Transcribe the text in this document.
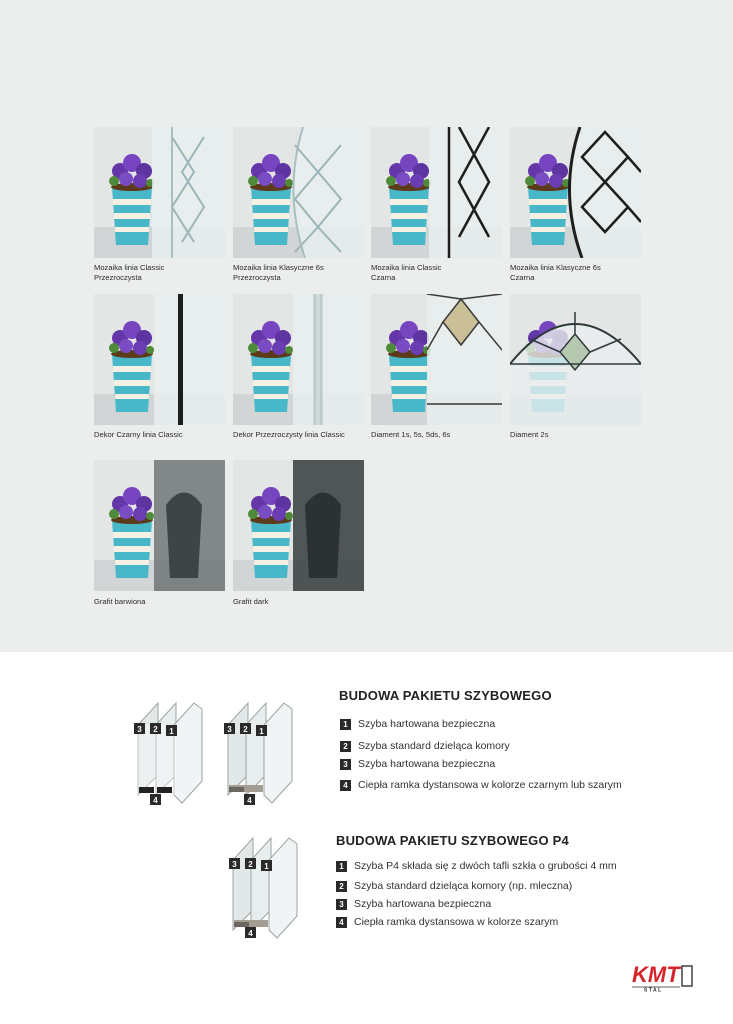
Mozaika linia Classic
Przezroczysta
Mozaika linia Klasyczne 6s
Przezroczysta
Mozaika linia Classic
Czarna
Mozaika linia Klasyczne 6s
Czarna
Dekor Czarny linia Classic	Dekor Przezroczysty linia Classic	Diament 1s, 5s, 5ds, 6s	Diament 2s
Grafit barwiona	Grafit dark
3 2 1
4
3 2 1
4
3 2 1
4
BUDOWA PAKIETU SZYBOWEGO
1 Szyba hartowana bezpieczna
2 Szyba standard dzieląca komory
3 Szyba hartowana bezpieczna
4 Ciepła ramka dystansowa w kolorze czarnym lub szarym
BUDOWA PAKIETU SZYBOWEGO P4
1 Szyba P4 składa się z dwóch tafli szkła o grubości 4 mm
2 Szyba standard dzieląca komory (np. mleczna)
3 Szyba hartowana bezpieczna
4 Ciepła ramka dystansowa w kolorze szarym
KMT
STAL
